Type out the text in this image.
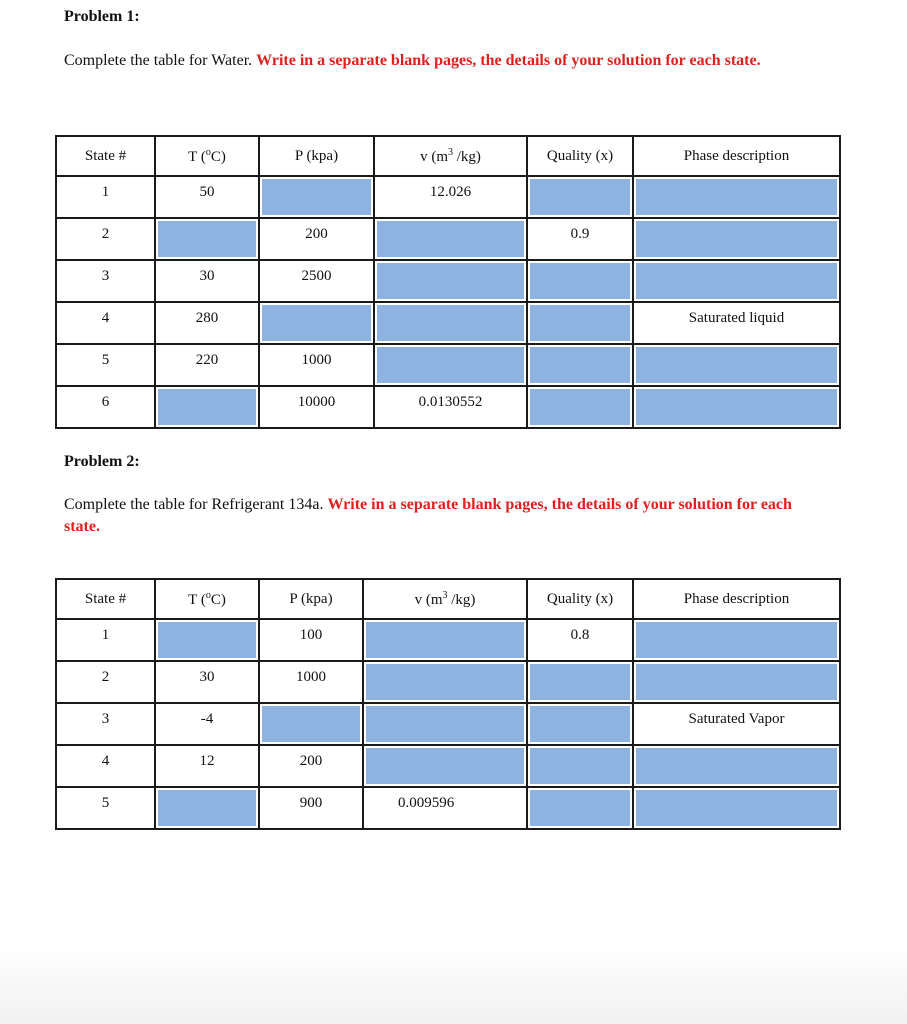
Problem 1:

Complete the table for Water. Write in a separate blank pages, the details of your solution for each state.

State #	T ($^o$C)	P (kpa)	v ($m^3$ /kg)	Quality (x)	Phase description
1	50		12.026		
2		200		0.9	
3	30	2500			
4	280				Saturated liquid
5	220	1000			
6		10000	0.0130552		

Problem 2:

Complete the table for Refrigerant 134a. Write in a separate blank pages, the details of your solution for each state.

State #	T ($^o$C)	P (kpa)	v ($m^3$ /kg)	Quality (x)	Phase description
1		100		0.8	
2	30	1000			
3	-4				Saturated Vapor
4	12	200			
5		900	0.009596		
